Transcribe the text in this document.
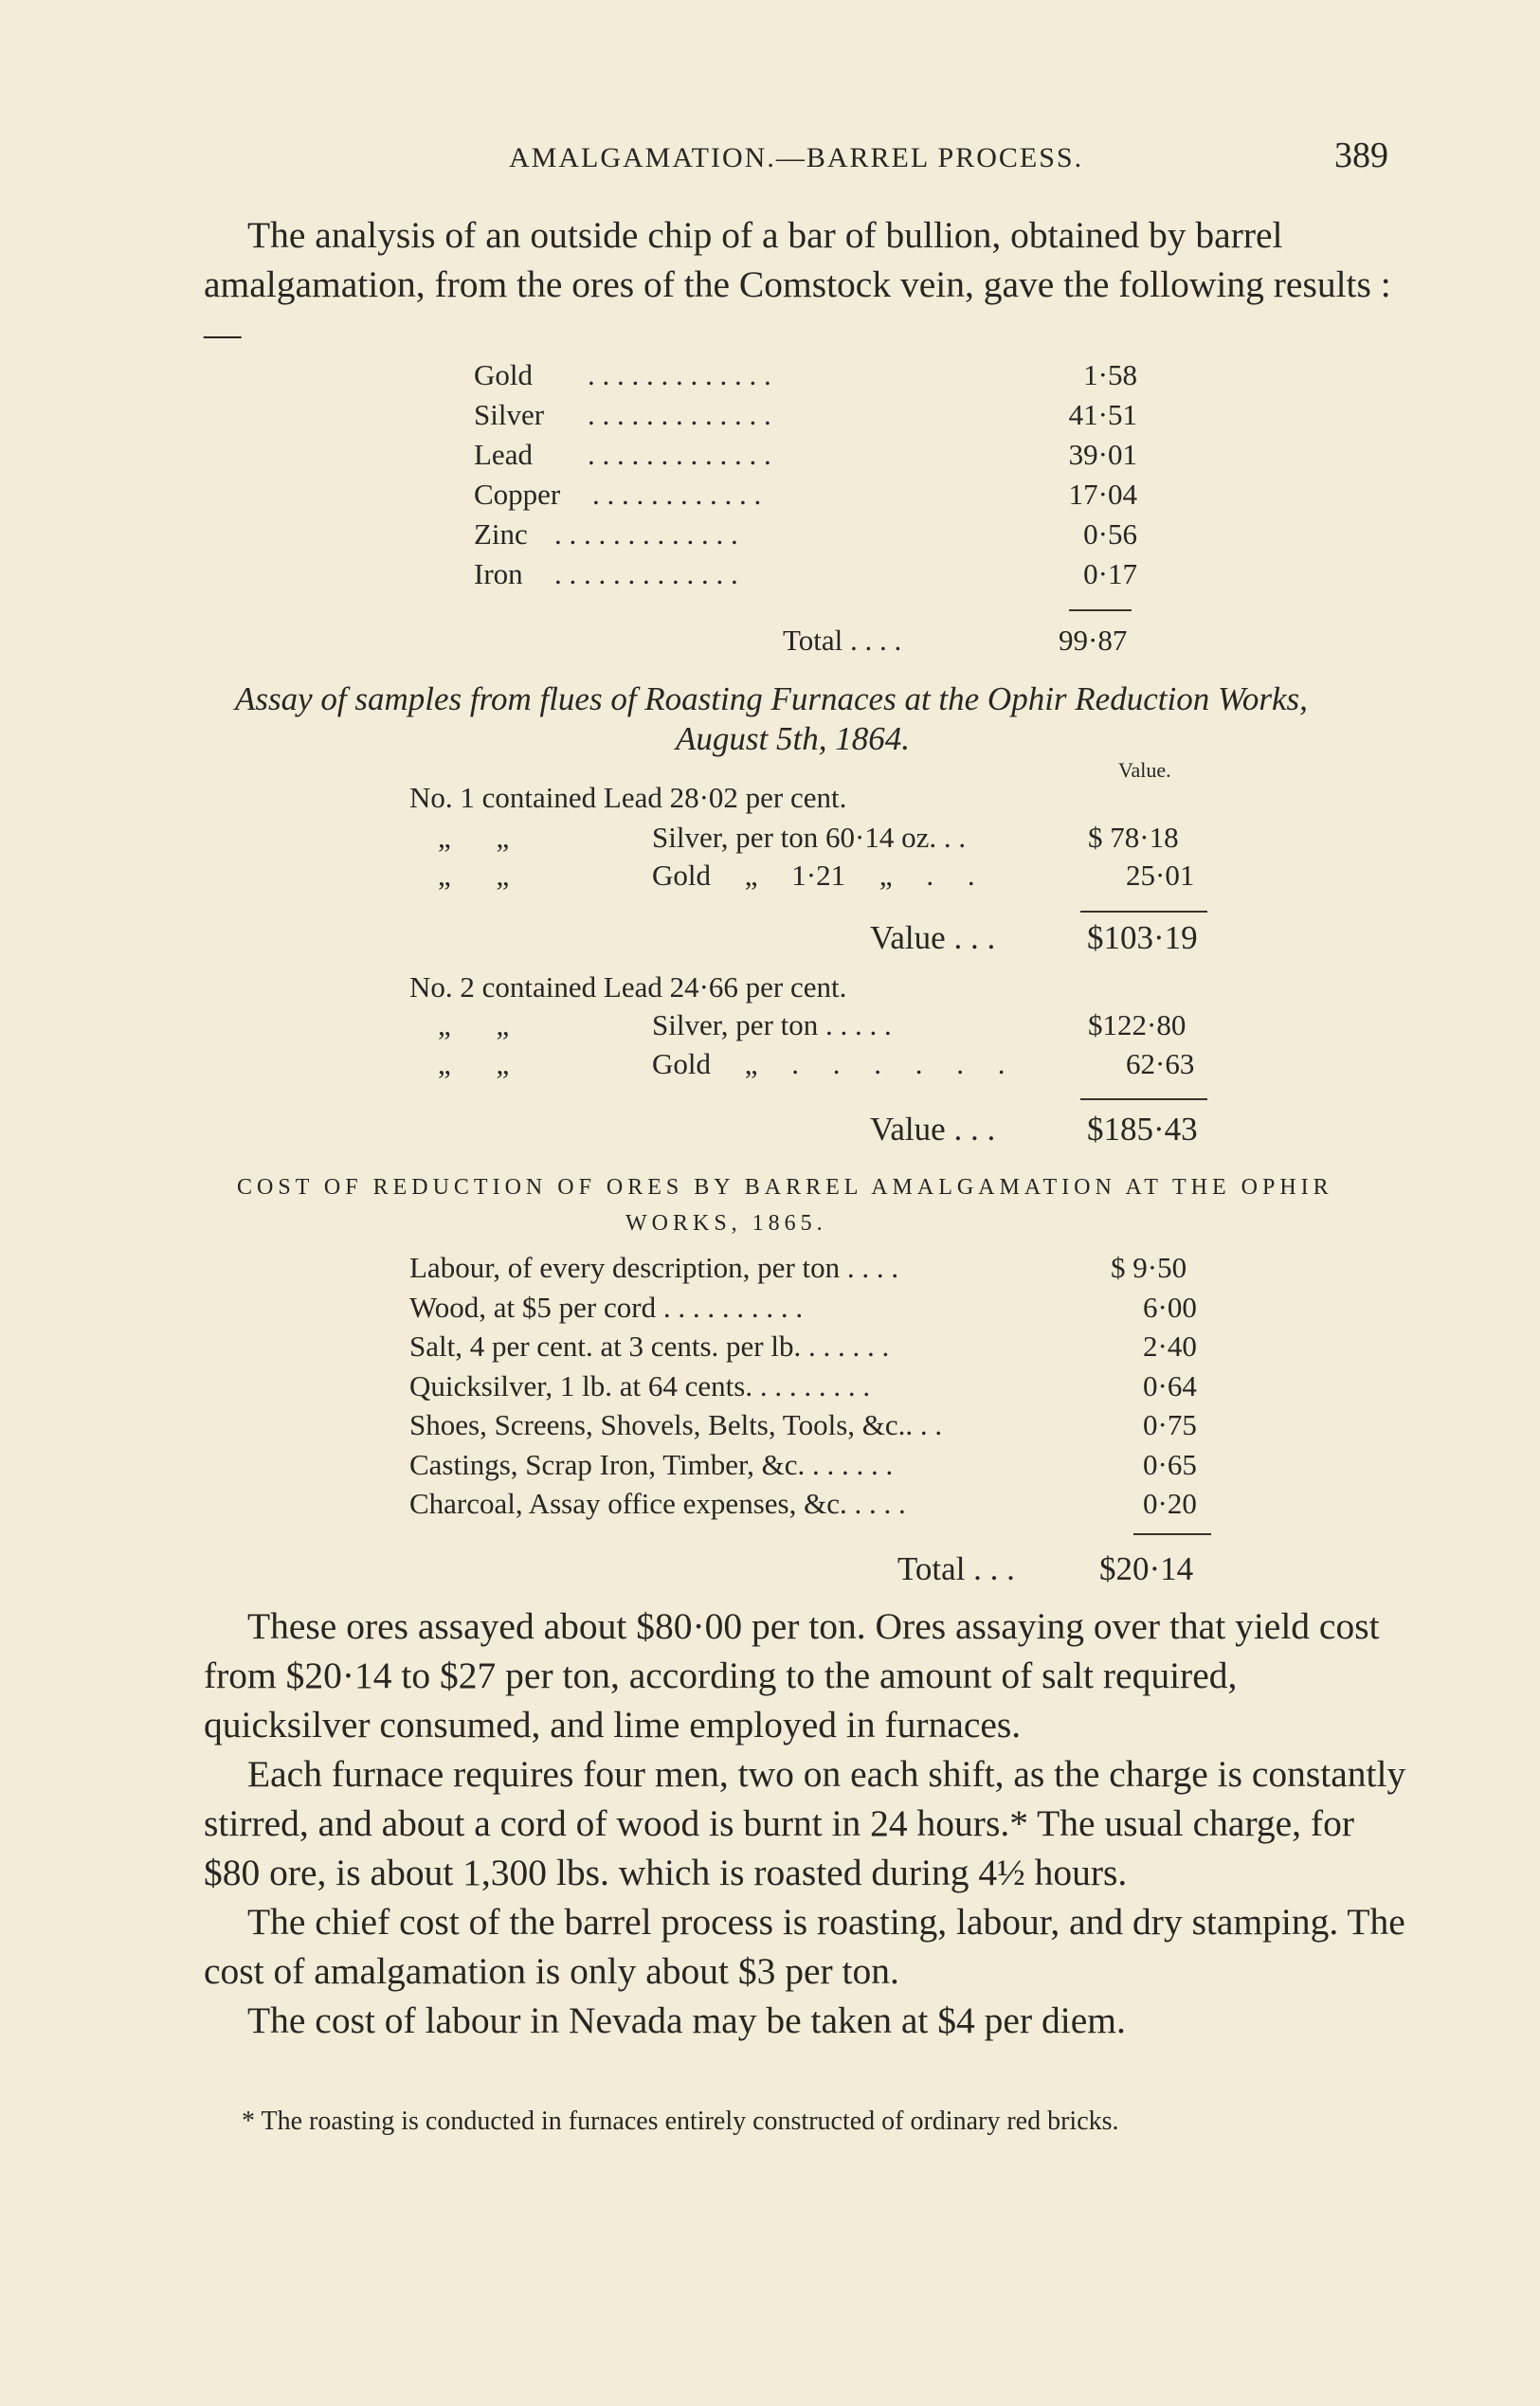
AMALGAMATION.—BARREL PROCESS.	389

The analysis of an outside chip of a bar of bullion, obtained by barrel amalgamation, from the ores of the Comstock vein, gave the following results :—

Gold . . . . . . . . . . . . .	1·58
Silver . . . . . . . . . . . . .	41·51
Lead . . . . . . . . . . . . .	39·01
Copper . . . . . . . . . . . .	17·04
Zinc . . . . . . . . . . . . .	0·56
Iron . . . . . . . . . . . . .	0·17
Total . . . .	99·87
Assay of samples from flues of Roasting Furnaces at the Ophir Reduction Works,
August 5th, 1864.
Value.
No. 1 contained Lead 28·02 per cent.
„ „	Silver, per ton 60·14 oz. . .	$ 78·18
„ „	Gold „ 1·21 „ . .	25·01
Value . . .	$103·19
No. 2 contained Lead 24·66 per cent.
„ „	Silver, per ton . . . . .	$122·80
„ „	Gold „ . . . . . .	62·63
Value . . .	$185·43
COST OF REDUCTION OF ORES BY BARREL AMALGAMATION AT THE OPHIR
WORKS, 1865.
Labour, of every description, per ton . . . .	$ 9·50
Wood, at $5 per cord . . . . . . . . . .	6·00
Salt, 4 per cent. at 3 cents. per lb. . . . . . .	2·40
Quicksilver, 1 lb. at 64 cents. . . . . . . . .	0·64
Shoes, Screens, Shovels, Belts, Tools, &c.. . .	0·75
Castings, Scrap Iron, Timber, &c. . . . . . .	0·65
Charcoal, Assay office expenses, &c. . . . .	0·20
Total . . .	$20·14

These ores assayed about $80·00 per ton. Ores assaying over that yield cost from $20·14 to $27 per ton, according to the amount of salt required, quicksilver consumed, and lime employed in furnaces.

Each furnace requires four men, two on each shift, as the charge is constantly stirred, and about a cord of wood is burnt in 24 hours.* The usual charge, for $80 ore, is about 1,300 lbs. which is roasted during 4½ hours.

The chief cost of the barrel process is roasting, labour, and dry stamping. The cost of amalgamation is only about $3 per ton.

The cost of labour in Nevada may be taken at $4 per diem.

* The roasting is conducted in furnaces entirely constructed of ordinary red bricks.
